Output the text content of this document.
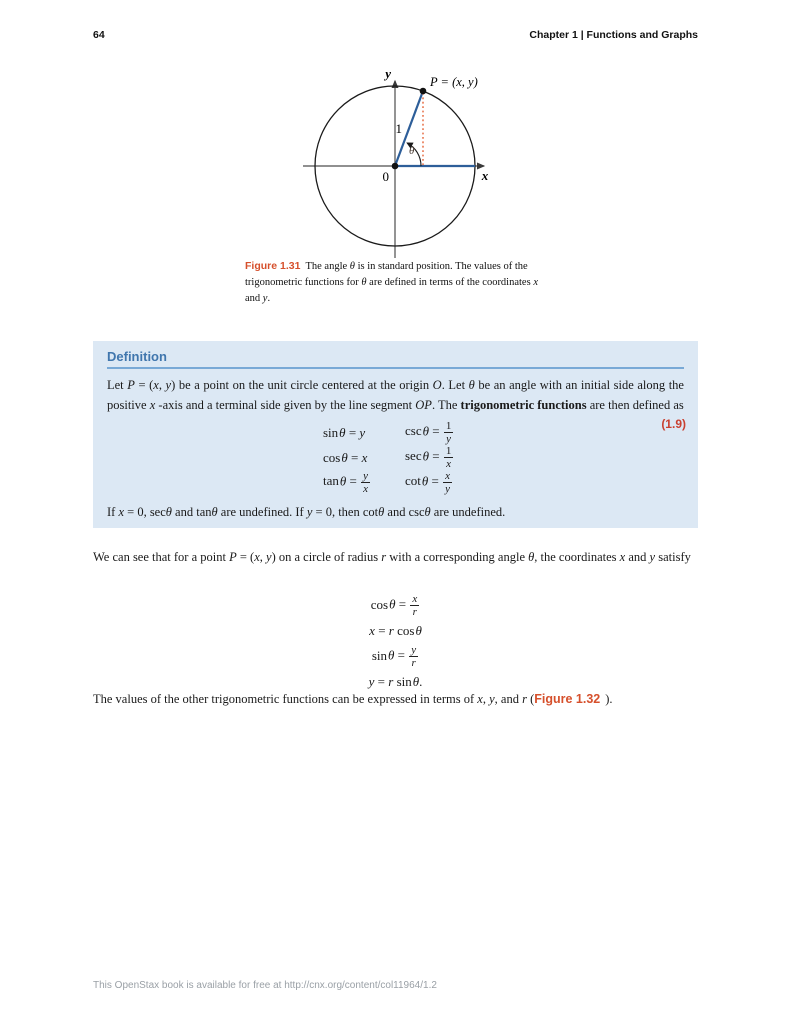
64	Chapter 1 | Functions and Graphs
y
x
0
1
θ
P = (x, y)

Figure 1.31 The angle θ is in standard position. The values of the trigonometric functions for θ are defined in terms of the coordinates x and y.

Definition

Let P = (x, y) be a point on the unit circle centered at the origin O. Let θ be an angle with an initial side along the positive x -axis and a terminal side given by the line segment OP. The trigonometric functions are then defined as

sinθ = y	$\csc\theta = \frac{1}{y}$
cosθ = x	$\sec\theta = \frac{1}{x}$
$\tan\theta = \frac{y}{x}$	$\cot\theta = \frac{x}{y}$
(1.9)

If x = 0, secθ and tanθ are undefined. If y = 0, then cotθ and cscθ are undefined.

We can see that for a point P = (x, y) on a circle of radius r with a corresponding angle θ, the coordinates x and y satisfy

$\cos\theta = \frac{x}{r}$
x = r cosθ
$\sin\theta = \frac{y}{r}$
y = r sinθ.

The values of the other trigonometric functions can be expressed in terms of x, y, and r (Figure 1.32 ).

This OpenStax book is available for free at http://cnx.org/content/col11964/1.2
